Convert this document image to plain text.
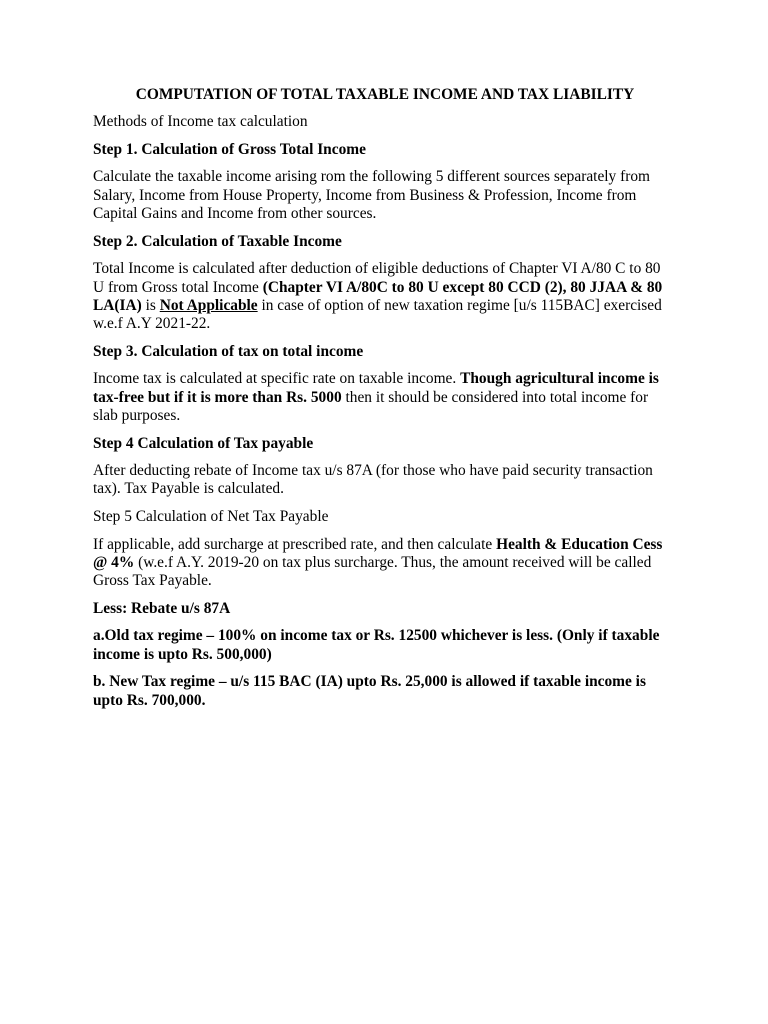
COMPUTATION OF TOTAL TAXABLE INCOME AND TAX LIABILITY

Methods of Income tax calculation

Step 1. Calculation of Gross Total Income

Calculate the taxable income arising rom the following 5 different sources separately from Salary, Income from House Property, Income from Business & Profession, Income from Capital Gains and Income from other sources.

Step 2. Calculation of Taxable Income

Total Income is calculated after deduction of eligible deductions of Chapter VI A/80 C to 80 U from Gross total Income (Chapter VI A/80C to 80 U except 80 CCD (2), 80 JJAA & 80 LA(IA) is Not Applicable in case of option of new taxation regime [u/s 115BAC] exercised w.e.f A.Y 2021-22.

Step 3. Calculation of tax on total income

Income tax is calculated at specific rate on taxable income. Though agricultural income is tax-free but if it is more than Rs. 5000 then it should be considered into total income for slab purposes.

Step 4 Calculation of Tax payable

After deducting rebate of Income tax u/s 87A (for those who have paid security transaction tax). Tax Payable is calculated.

Step 5 Calculation of Net Tax Payable

If applicable, add surcharge at prescribed rate, and then calculate Health & Education Cess @ 4% (w.e.f A.Y. 2019-20 on tax plus surcharge. Thus, the amount received will be called Gross Tax Payable.

Less: Rebate u/s 87A

a.Old tax regime – 100% on income tax or Rs. 12500 whichever is less. (Only if taxable income is upto Rs. 500,000)

b. New Tax regime – u/s 115 BAC (IA) upto Rs. 25,000 is allowed if taxable income is upto Rs. 700,000.
